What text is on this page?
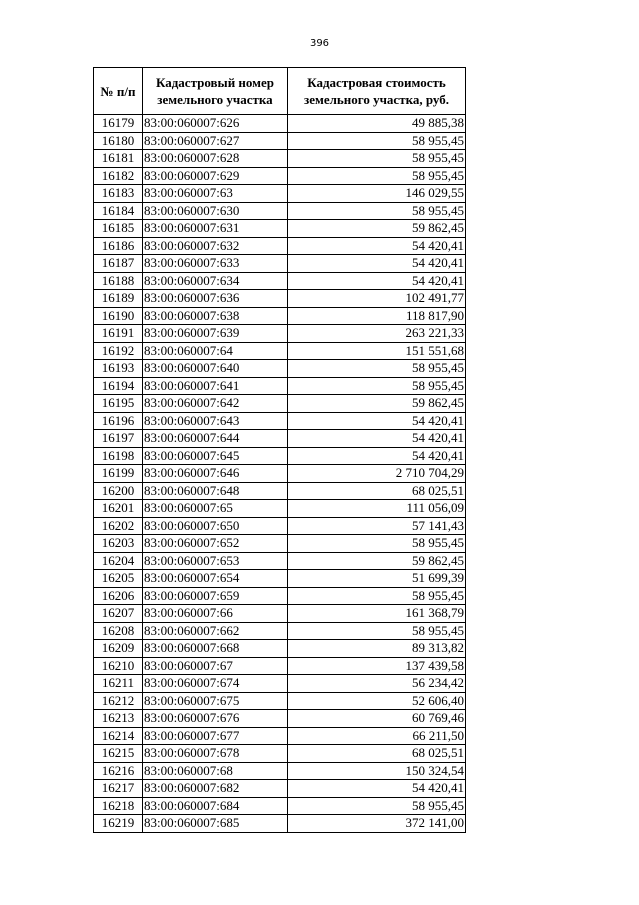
396
№ п/п	Кадастровый номер земельного участка	Кадастровая стоимость земельного участка, руб.
16179	83:00:060007:626	49 885,38
16180	83:00:060007:627	58 955,45
16181	83:00:060007:628	58 955,45
16182	83:00:060007:629	58 955,45
16183	83:00:060007:63	146 029,55
16184	83:00:060007:630	58 955,45
16185	83:00:060007:631	59 862,45
16186	83:00:060007:632	54 420,41
16187	83:00:060007:633	54 420,41
16188	83:00:060007:634	54 420,41
16189	83:00:060007:636	102 491,77
16190	83:00:060007:638	118 817,90
16191	83:00:060007:639	263 221,33
16192	83:00:060007:64	151 551,68
16193	83:00:060007:640	58 955,45
16194	83:00:060007:641	58 955,45
16195	83:00:060007:642	59 862,45
16196	83:00:060007:643	54 420,41
16197	83:00:060007:644	54 420,41
16198	83:00:060007:645	54 420,41
16199	83:00:060007:646	2 710 704,29
16200	83:00:060007:648	68 025,51
16201	83:00:060007:65	111 056,09
16202	83:00:060007:650	57 141,43
16203	83:00:060007:652	58 955,45
16204	83:00:060007:653	59 862,45
16205	83:00:060007:654	51 699,39
16206	83:00:060007:659	58 955,45
16207	83:00:060007:66	161 368,79
16208	83:00:060007:662	58 955,45
16209	83:00:060007:668	89 313,82
16210	83:00:060007:67	137 439,58
16211	83:00:060007:674	56 234,42
16212	83:00:060007:675	52 606,40
16213	83:00:060007:676	60 769,46
16214	83:00:060007:677	66 211,50
16215	83:00:060007:678	68 025,51
16216	83:00:060007:68	150 324,54
16217	83:00:060007:682	54 420,41
16218	83:00:060007:684	58 955,45
16219	83:00:060007:685	372 141,00
